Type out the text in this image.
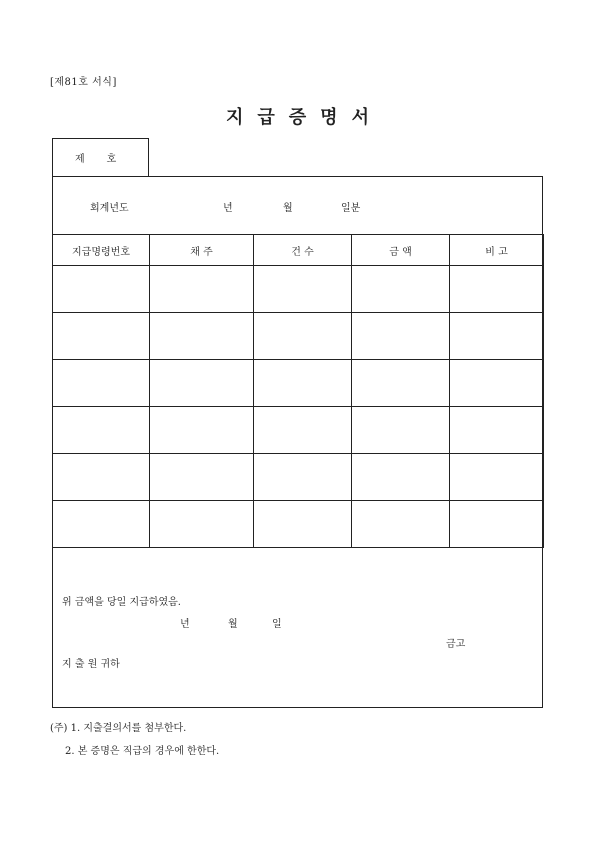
[제81호 서식]
지급증명서
제호
회계년도	년	월	일분
지급명령번호	채 주	건 수	금 액	비 고

위 금액을 당일 지급하였음.
년	월	일
금고
지 출 원 귀하
(주) 1. 지출결의서를 첨부한다.
2. 본 증명은 직급의 경우에 한한다.
